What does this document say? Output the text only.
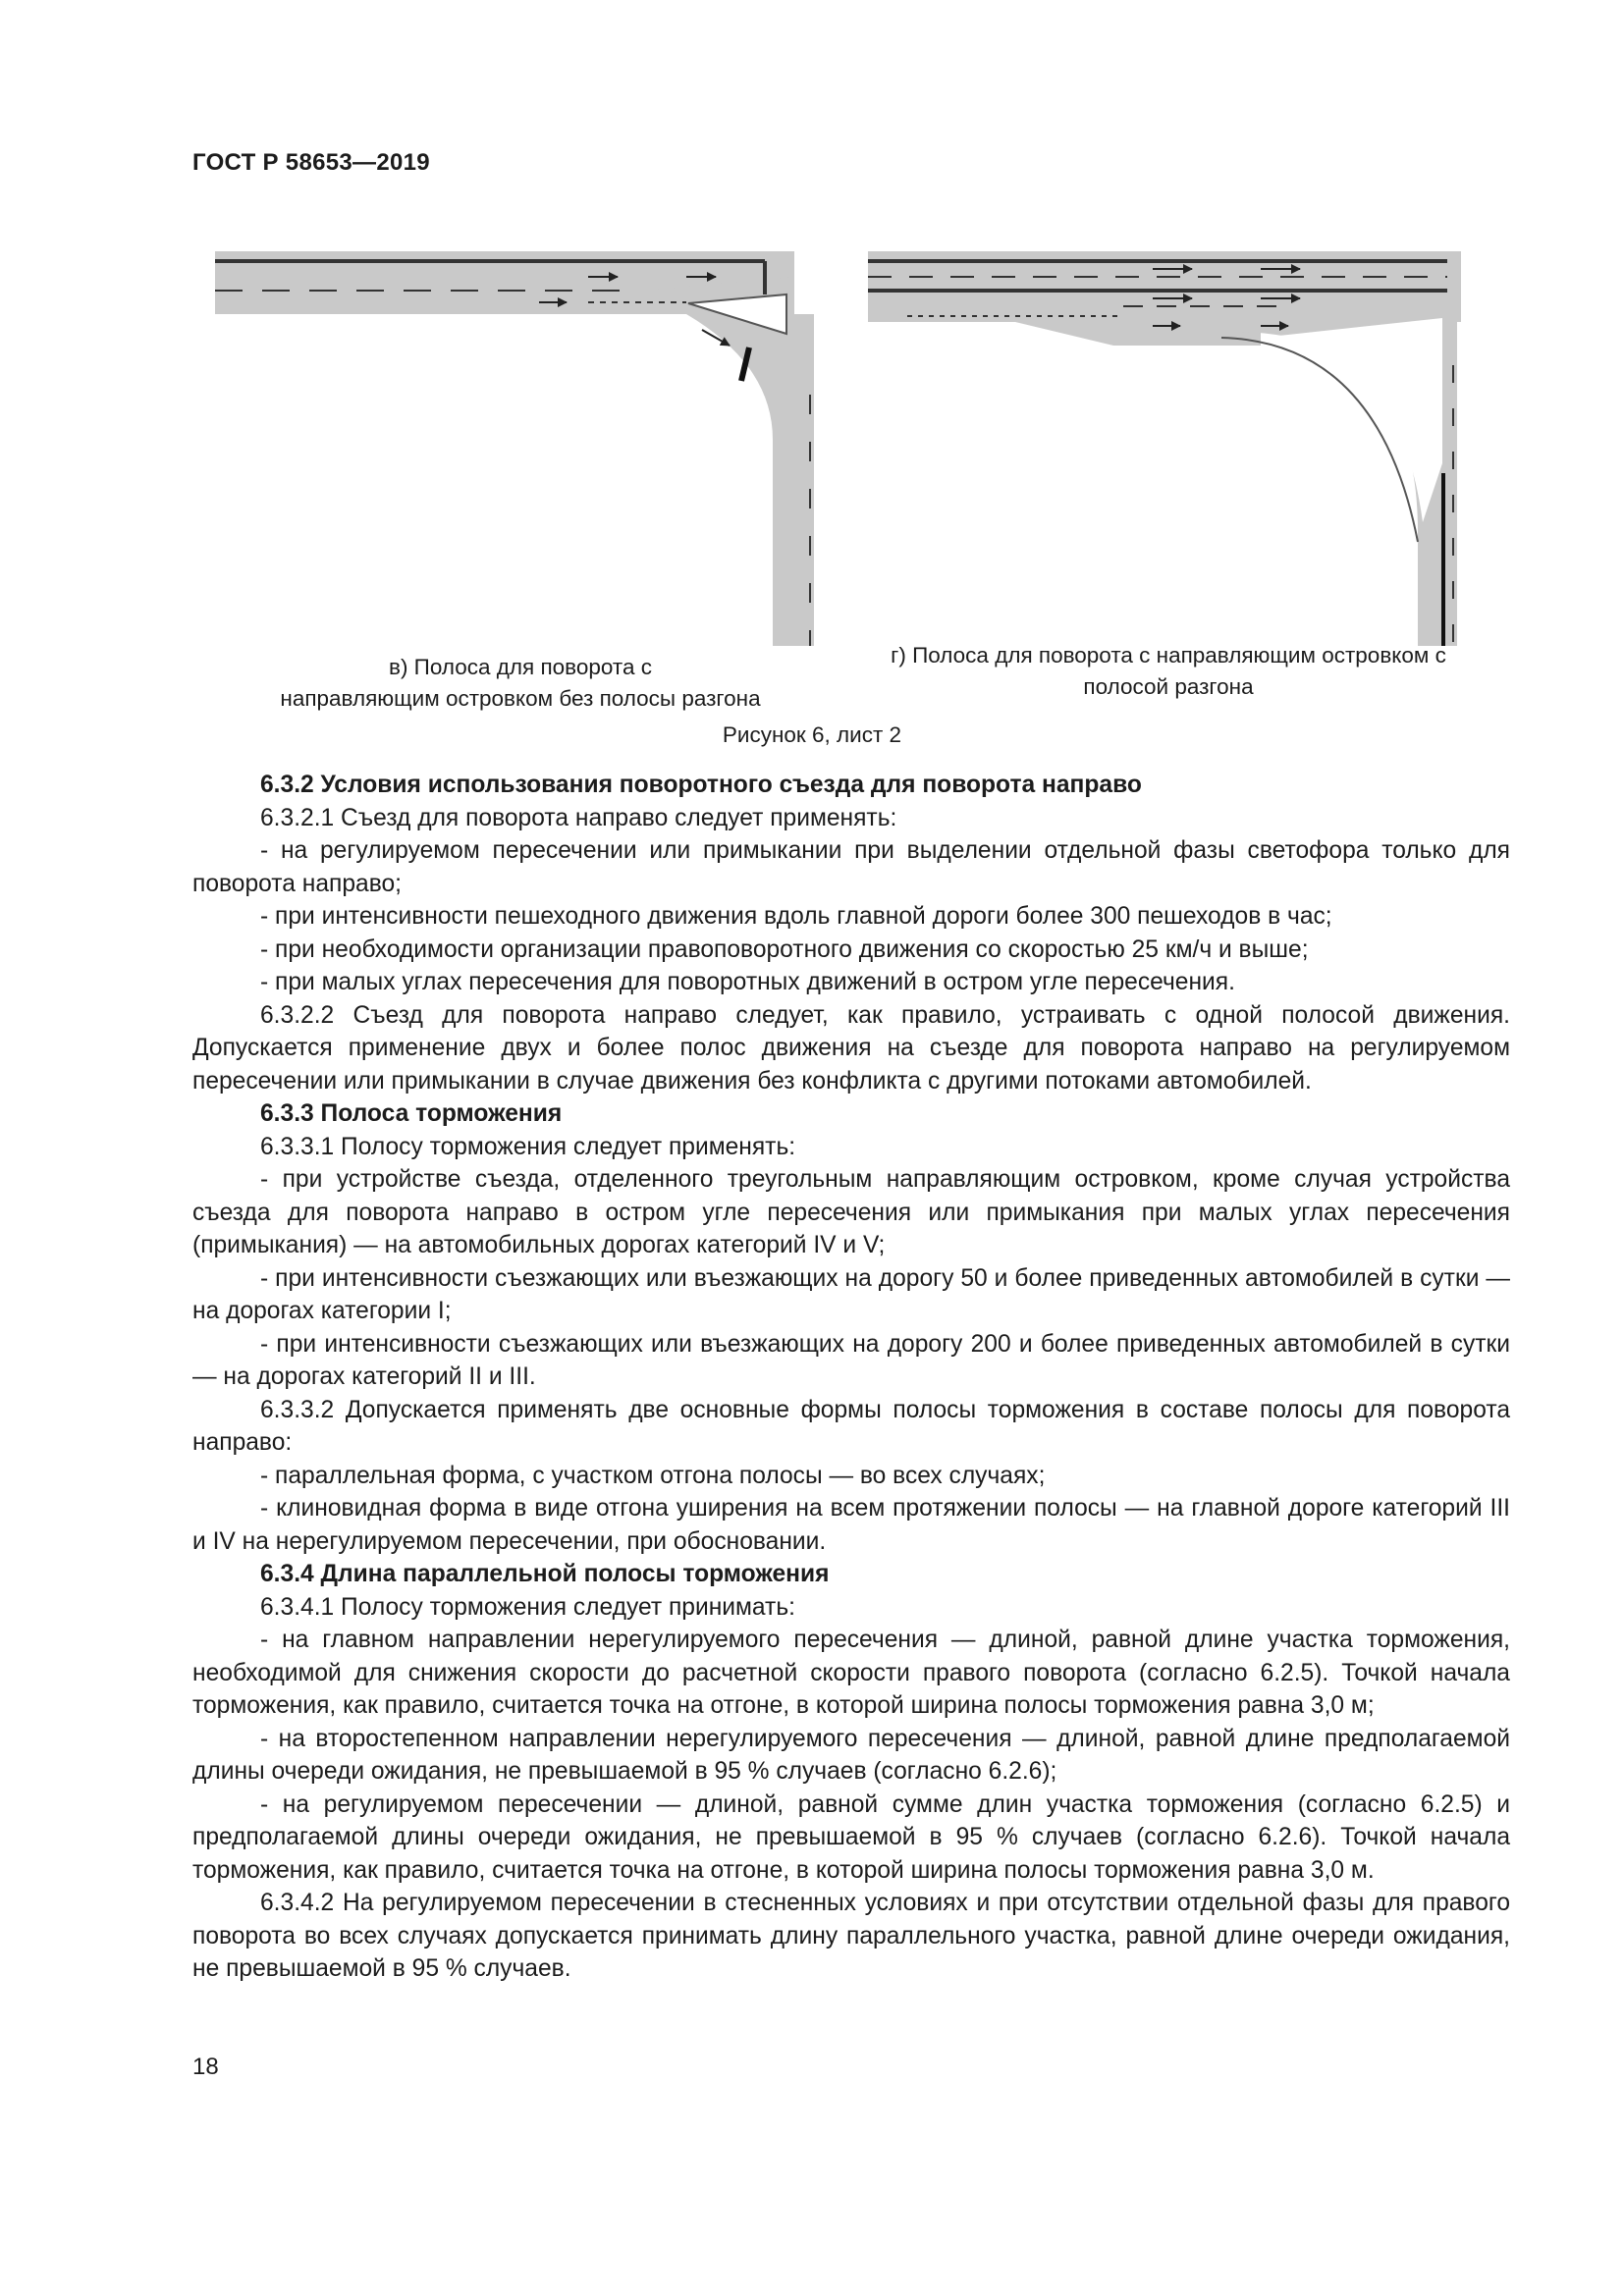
ГОСТ Р 58653—2019
в) Полоса для поворота с
направляющим островком без полосы разгона
г) Полоса для поворота с направляющим островком с
полосой разгона
Рисунок 6, лист 2

6.3.2 Условия использования поворотного съезда для поворота направо

6.3.2.1 Съезд для поворота направо следует применять:

- на регулируемом пересечении или примыкании при выделении отдельной фазы светофора только для поворота направо;

- при интенсивности пешеходного движения вдоль главной дороги более 300 пешеходов в час;

- при необходимости организации правоповоротного движения со скоростью 25 км/ч и выше;

- при малых углах пересечения для поворотных движений в остром угле пересечения.

6.3.2.2 Съезд для поворота направо следует, как правило, устраивать с одной полосой движения. Допускается применение двух и более полос движения на съезде для поворота направо на регулируемом пересечении или примыкании в случае движения без конфликта с другими потоками автомобилей.

6.3.3 Полоса торможения

6.3.3.1 Полосу торможения следует применять:

- при устройстве съезда, отделенного треугольным направляющим островком, кроме случая устройства съезда для поворота направо в остром угле пересечения или примыкания при малых углах пересечения (примыкания) — на автомобильных дорогах категорий IV и V;

- при интенсивности съезжающих или въезжающих на дорогу 50 и более приведенных автомобилей в сутки — на дорогах категории I;

- при интенсивности съезжающих или въезжающих на дорогу 200 и более приведенных автомобилей в сутки — на дорогах категорий II и III.

6.3.3.2 Допускается применять две основные формы полосы торможения в составе полосы для поворота направо:

- параллельная форма, с участком отгона полосы — во всех случаях;

- клиновидная форма в виде отгона уширения на всем протяжении полосы — на главной дороге категорий III и IV на нерегулируемом пересечении, при обосновании.

6.3.4 Длина параллельной полосы торможения

6.3.4.1 Полосу торможения следует принимать:

- на главном направлении нерегулируемого пересечения — длиной, равной длине участка торможения, необходимой для снижения скорости до расчетной скорости правого поворота (согласно 6.2.5). Точкой начала торможения, как правило, считается точка на отгоне, в которой ширина полосы торможения равна 3,0 м;

- на второстепенном направлении нерегулируемого пересечения — длиной, равной длине предполагаемой длины очереди ожидания, не превышаемой в 95 % случаев (согласно 6.2.6);

- на регулируемом пересечении — длиной, равной сумме длин участка торможения (согласно 6.2.5) и предполагаемой длины очереди ожидания, не превышаемой в 95 % случаев (согласно 6.2.6). Точкой начала торможения, как правило, считается точка на отгоне, в которой ширина полосы торможения равна 3,0 м.

6.3.4.2 На регулируемом пересечении в стесненных условиях и при отсутствии отдельной фазы для правого поворота во всех случаях допускается принимать длину параллельного участка, равной длине очереди ожидания, не превышаемой в 95 % случаев.

18
